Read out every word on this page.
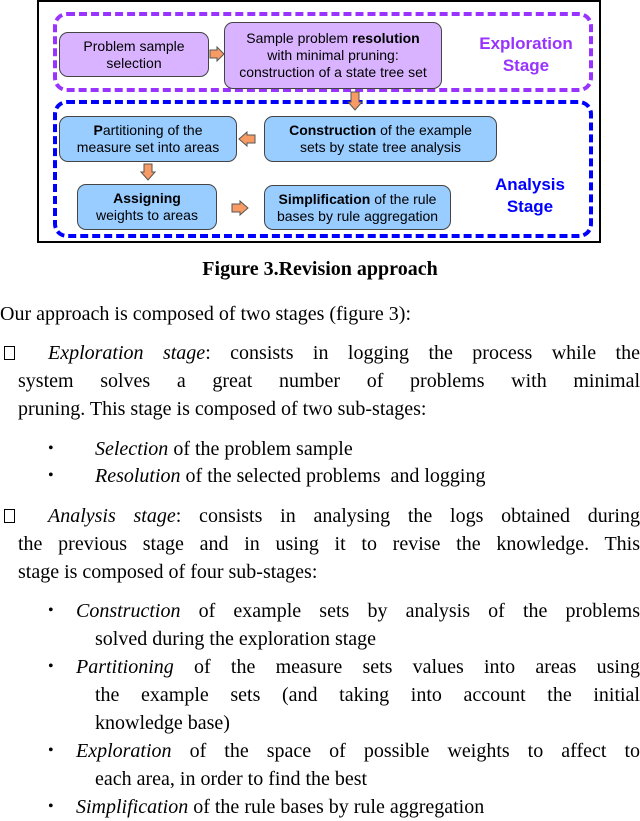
Exploration
Stage
Analysis
Stage
Problem sample
selection
Sample problem resolution
with minimal pruning:
construction of a state tree set
Partitioning of the
measure set into areas
Construction of the example
sets by state tree analysis
Assigning
weights to areas
Simplification of the rule
bases by rule aggregation
Figure 3.Revision approach
Our approach is composed of two stages (figure 3):
Exploration stage: consists in logging the process while the
system solves a great number of problems with minimal
pruning. This stage is composed of two sub-stages:
• Selection of the problem sample
• Resolution of the selected problems  and logging
Analysis stage: consists in analysing the logs obtained during
the previous stage and in using it to revise the knowledge. This
stage is composed of four sub-stages:
•	Construction of example sets by analysis of the problems
solved during the exploration stage
•	Partitioning of the measure sets values into areas using
the example sets (and taking into account the initial
knowledge base)
•	Exploration of the space of possible weights to affect to
each area, in order to find the best
•	Simplification of the rule bases by rule aggregation
